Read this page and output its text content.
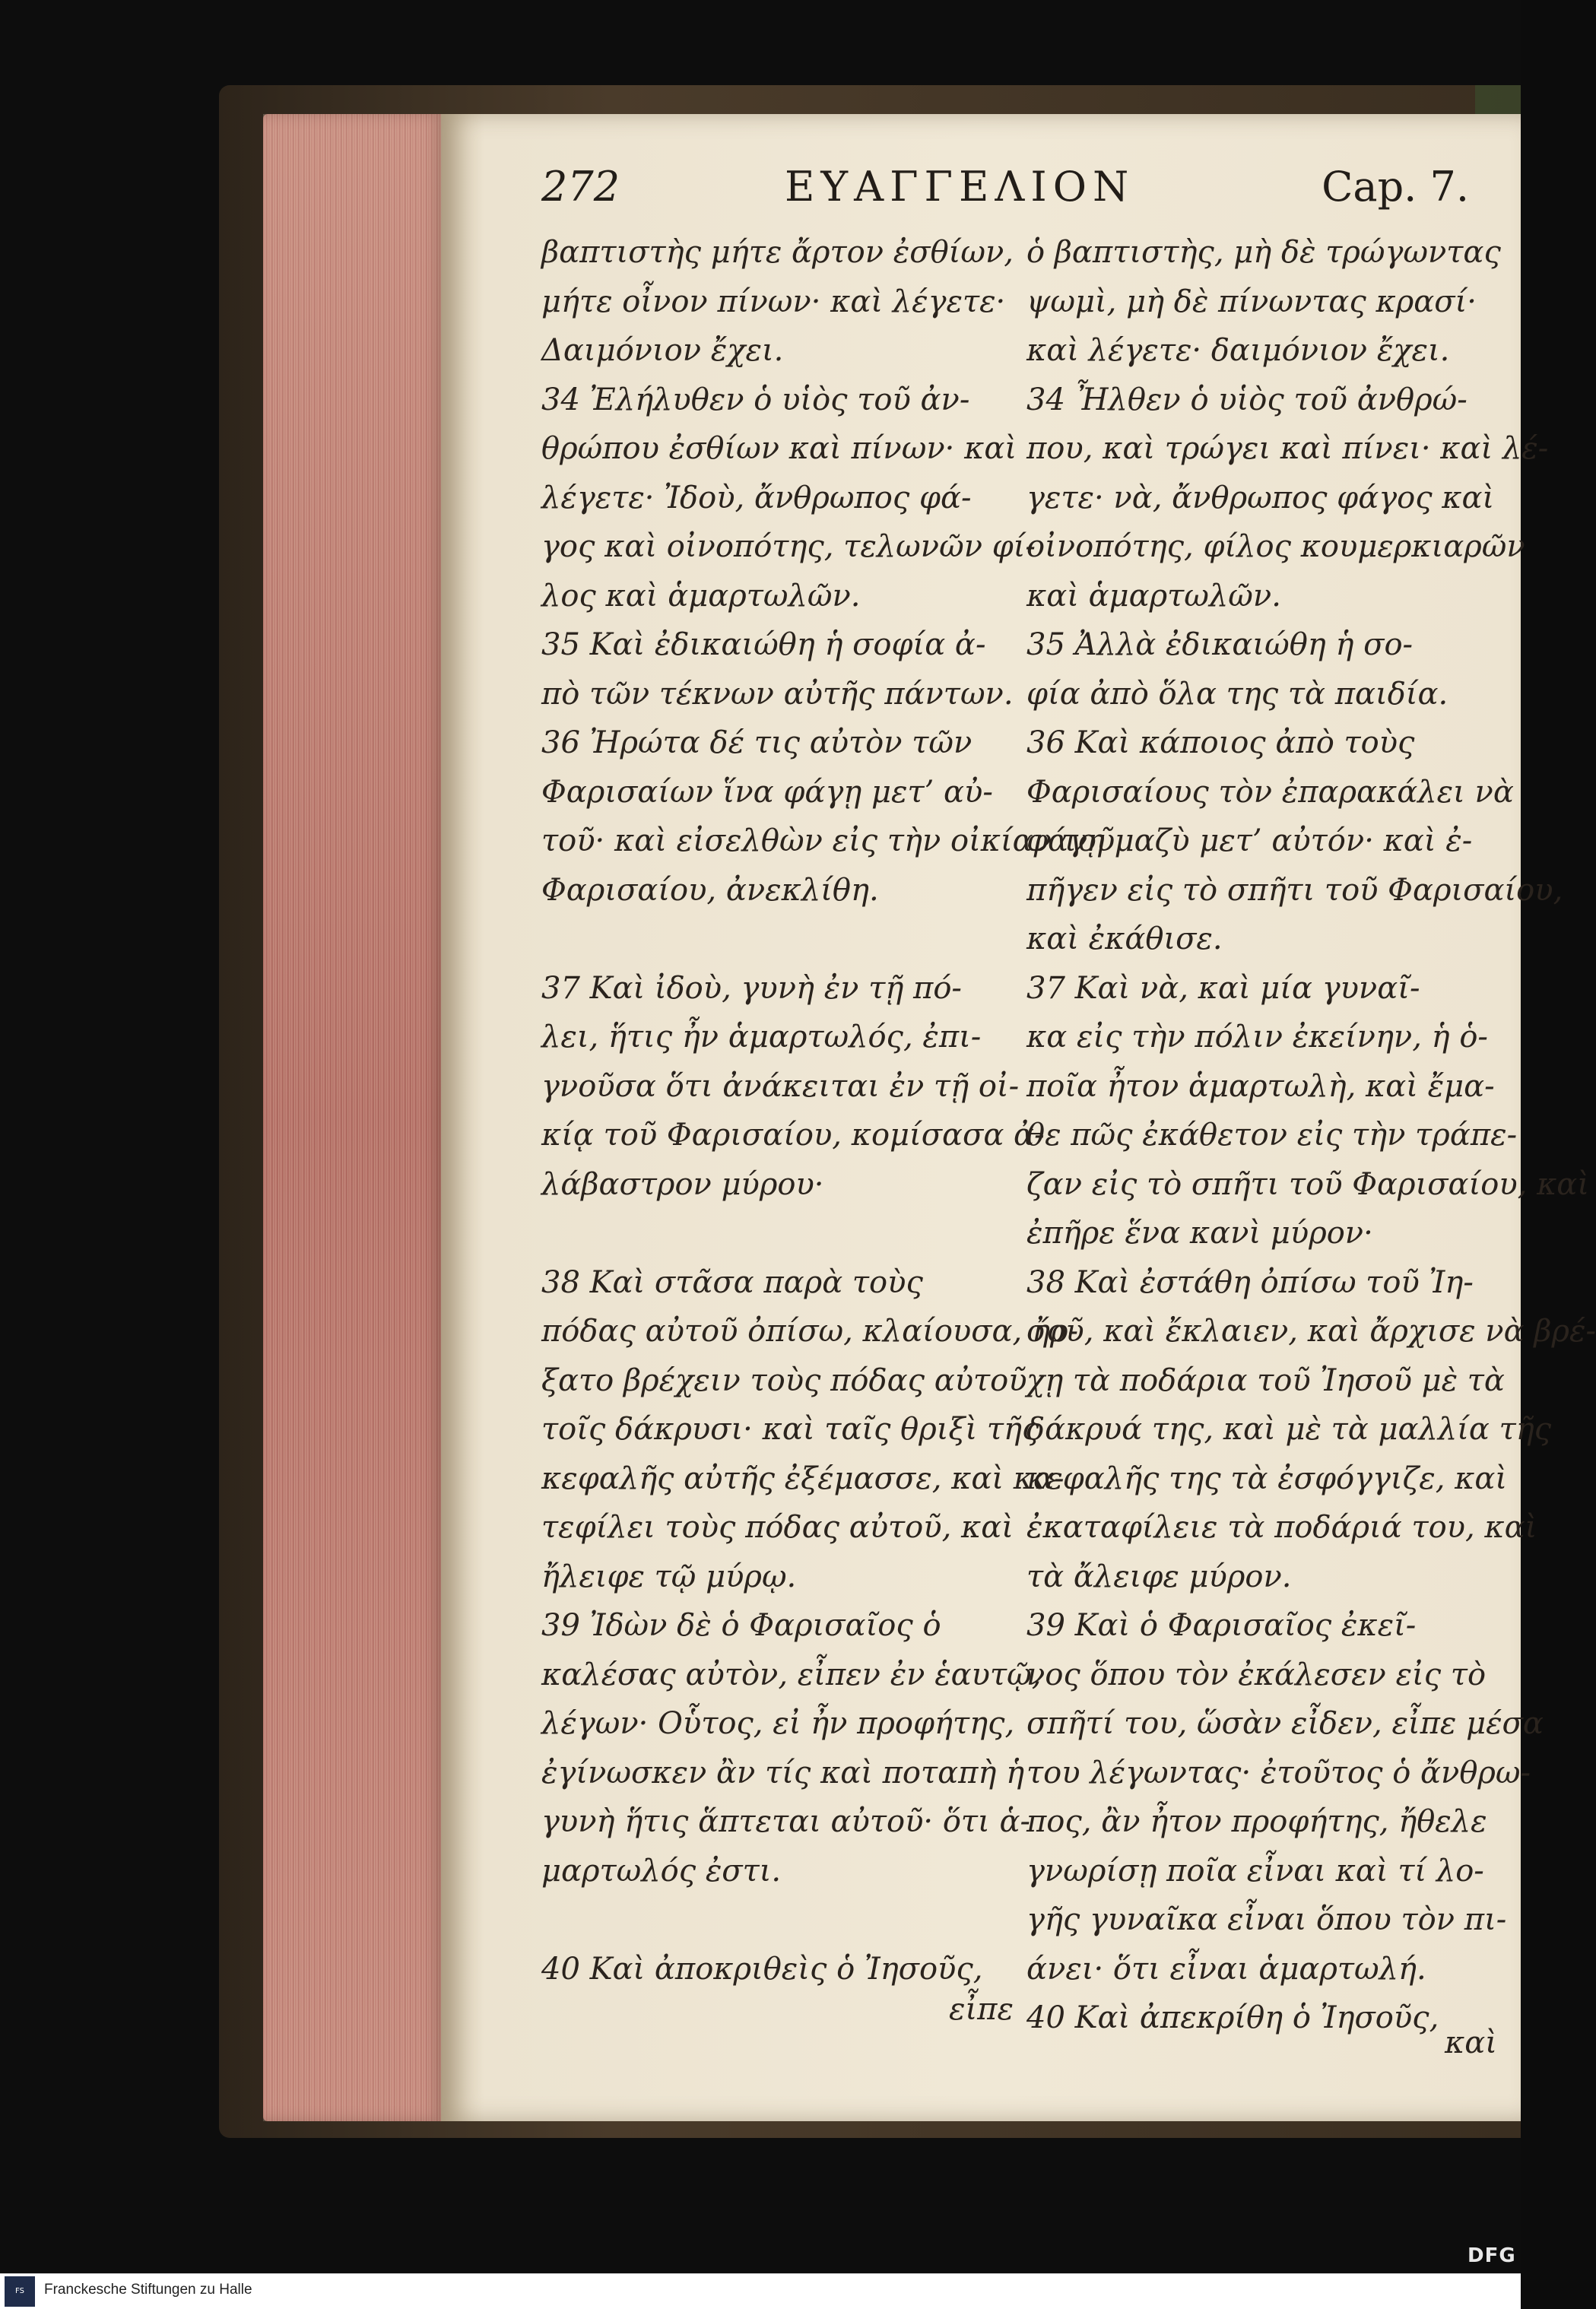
272	ΕΥΑΓΓΕΛΙΟΝ	Cap. 7.
βαπτιστὴς μήτε ἄρτον ἐσθίων,
μήτε οἶνον πίνων· καὶ λέγετε·
Δαιμόνιον ἔχει.
34 Ἐλήλυθεν ὁ υἱὸς τοῦ ἀν-
θρώπου ἐσθίων καὶ πίνων· καὶ
λέγετε· Ἰδοὺ, ἄνθρωπος φά-
γος καὶ οἰνοπότης, τελωνῶν φί-
λος καὶ ἁμαρτωλῶν.
35 Καὶ ἐδικαιώθη ἡ σοφία ἀ-
πὸ τῶν τέκνων αὐτῆς πάντων.
36 Ἠρώτα δέ τις αὐτὸν τῶν
Φαρισαίων ἵνα φάγῃ μετ’ αὐ-
τοῦ· καὶ εἰσελθὼν εἰς τὴν οἰκίαν τοῦ
Φαρισαίου, ἀνεκλίθη.
37 Καὶ ἰδοὺ, γυνὴ ἐν τῇ πό-
λει, ἥτις ἦν ἁμαρτωλός, ἐπι-
γνοῦσα ὅτι ἀνάκειται ἐν τῇ οἰ-
κίᾳ τοῦ Φαρισαίου, κομίσασα ἀ-
λάβαστρον μύρου·
38 Καὶ στᾶσα παρὰ τοὺς
πόδας αὐτοῦ ὀπίσω, κλαίουσα, ἤρ-
ξατο βρέχειν τοὺς πόδας αὐτοῦ
τοῖς δάκρυσι· καὶ ταῖς θριξὶ τῆς
κεφαλῆς αὐτῆς ἐξέμασσε, καὶ κα-
τεφίλει τοὺς πόδας αὐτοῦ, καὶ
ἤλειφε τῷ μύρῳ.
39 Ἰδὼν δὲ ὁ Φαρισαῖος ὁ
καλέσας αὐτὸν, εἶπεν ἐν ἑαυτῷ,
λέγων· Οὗτος, εἰ ἦν προφήτης,
ἐγίνωσκεν ἂν τίς καὶ ποταπὴ ἡ
γυνὴ ἥτις ἅπτεται αὐτοῦ· ὅτι ἁ-
μαρτωλός ἐστι.
40 Καὶ ἀποκριθεὶς ὁ Ἰησοῦς,
ὁ βαπτιστὴς, μὴ δὲ τρώγωντας
ψωμὶ, μὴ δὲ πίνωντας κρασί·
καὶ λέγετε· δαιμόνιον ἔχει.
34 Ἦλθεν ὁ υἱὸς τοῦ ἀνθρώ-
που, καὶ τρώγει καὶ πίνει· καὶ λέ-
γετε· νὰ, ἄνθρωπος φάγος καὶ
οἰνοπότης, φίλος κουμερκιαρῶν
καὶ ἁμαρτωλῶν.
35 Ἀλλὰ ἐδικαιώθη ἡ σο-
φία ἀπὸ ὅλα της τὰ παιδία.
36 Καὶ κάποιος ἀπὸ τοὺς
Φαρισαίους τὸν ἐπαρακάλει νὰ
φάγῃ μαζὺ μετ’ αὐτόν· καὶ ἐ-
πῆγεν εἰς τὸ σπῆτι τοῦ Φαρισαίου,
καὶ ἐκάθισε.
37 Καὶ νὰ, καὶ μία γυναῖ-
κα εἰς τὴν πόλιν ἐκείνην, ἡ ὁ-
ποῖα ἦτον ἁμαρτωλὴ, καὶ ἔμα-
θε πῶς ἐκάθετον εἰς τὴν τράπε-
ζαν εἰς τὸ σπῆτι τοῦ Φαρισαίου, καὶ
ἐπῆρε ἕνα κανὶ μύρον·
38 Καὶ ἐστάθη ὀπίσω τοῦ Ἰη-
σοῦ, καὶ ἔκλαιεν, καὶ ἄρχισε νὰ βρέ-
χῃ τὰ ποδάρια τοῦ Ἰησοῦ μὲ τὰ
δάκρυά της, καὶ μὲ τὰ μαλλία τῆς
κεφαλῆς της τὰ ἐσφόγγιζε, καὶ
ἐκαταφίλειε τὰ ποδάριά του, καὶ
τὰ ἄλειφε μύρον.
39 Καὶ ὁ Φαρισαῖος ἐκεῖ-
νος ὅπου τὸν ἐκάλεσεν εἰς τὸ
σπῆτί του, ὥσὰν εἶδεν, εἶπε μέσα
του λέγωντας· ἐτοῦτος ὁ ἄνθρω-
πος, ἂν ἦτον προφήτης, ἤθελε
γνωρίσῃ ποῖα εἶναι καὶ τί λο-
γῆς γυναῖκα εἶναι ὅπου τὸν πι-
άνει· ὅτι εἶναι ἁμαρτωλή.
40 Καὶ ἀπεκρίθη ὁ Ἰησοῦς,
εἶπε
καὶ
DFG
FS	Franckesche Stiftungen zu Halle
